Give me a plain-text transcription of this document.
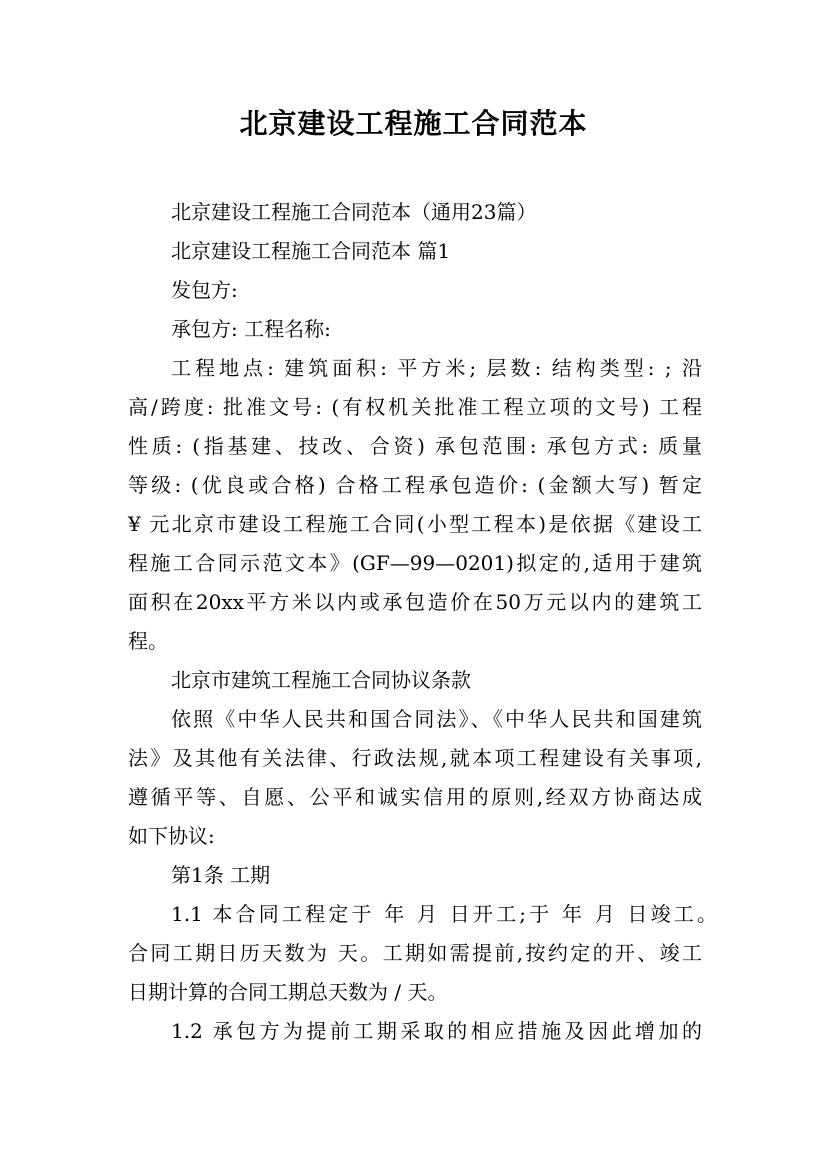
北京建设工程施工合同范本
北京建设工程施工合同范本（通用23篇）
北京建设工程施工合同范本 篇1
发包方:
承包方: 工程名称:
工程地点: 建筑面积: 平方米; 层数: 结构类型: ; 沿
高/跨度: 批准文号: (有权机关批准工程立项的文号) 工程
性质: (指基建、技改、合资) 承包范围: 承包方式: 质量
等级: (优良或合格) 合格工程承包造价: (金额大写) 暂定
¥ 元北京市建设工程施工合同(小型工程本)是依据《建设工
程施工合同示范文本》(GF—99—0201)拟定的,适用于建筑
面积在20xx平方米以内或承包造价在50万元以内的建筑工
程。
北京市建筑工程施工合同协议条款
依照《中华人民共和国合同法》、《中华人民共和国建筑
法》及其他有关法律、行政法规,就本项工程建设有关事项,
遵循平等、自愿、公平和诚实信用的原则,经双方协商达成
如下协议:
第1条 工期
1.1 本合同工程定于 年 月 日开工;于 年 月 日竣工。
合同工期日历天数为 天。工期如需提前,按约定的开、竣工
日期计算的合同工期总天数为 / 天。
1.2 承包方为提前工期采取的相应措施及因此增加的
